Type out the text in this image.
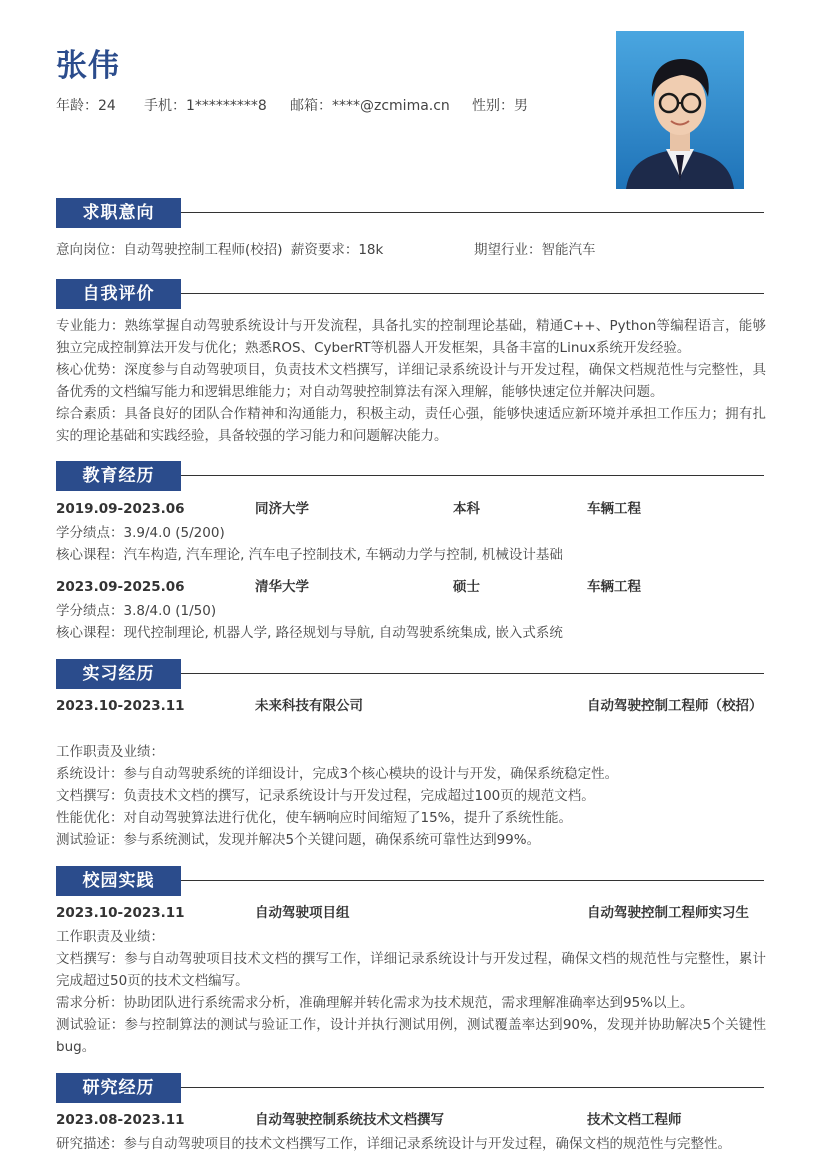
张伟
年龄：24	手机：1*********8	邮箱：****@zcmima.cn	性别：男
求职意向
意向岗位：自动驾驶控制工程师(校招) 薪资要求：18k	期望行业：智能汽车
自我评价
专业能力：熟练掌握自动驾驶系统设计与开发流程，具备扎实的控制理论基础，精通C++、Python等编程语言，能够独立完成控制算法开发与优化；熟悉ROS、CyberRT等机器人开发框架，具备丰富的Linux系统开发经验。
核心优势：深度参与自动驾驶项目，负责技术文档撰写，详细记录系统设计与开发过程，确保文档规范性与完整性，具备优秀的文档编写能力和逻辑思维能力；对自动驾驶控制算法有深入理解，能够快速定位并解决问题。
综合素质：具备良好的团队合作精神和沟通能力，积极主动，责任心强，能够快速适应新环境并承担工作压力；拥有扎实的理论基础和实践经验，具备较强的学习能力和问题解决能力。
教育经历
2019.09-2023.06	同济大学	本科	车辆工程
学分绩点：3.9/4.0 (5/200)
核心课程：汽车构造, 汽车理论, 汽车电子控制技术, 车辆动力学与控制, 机械设计基础
2023.09-2025.06	清华大学	硕士	车辆工程
学分绩点：3.8/4.0 (1/50)
核心课程：现代控制理论, 机器人学, 路径规划与导航, 自动驾驶系统集成, 嵌入式系统
实习经历
2023.10-2023.11	未来科技有限公司	自动驾驶控制工程师（校招）
工作职责及业绩：
系统设计：参与自动驾驶系统的详细设计，完成3个核心模块的设计与开发，确保系统稳定性。
文档撰写：负责技术文档的撰写，记录系统设计与开发过程，完成超过100页的规范文档。
性能优化：对自动驾驶算法进行优化，使车辆响应时间缩短了15%，提升了系统性能。
测试验证：参与系统测试，发现并解决5个关键问题，确保系统可靠性达到99%。
校园实践
2023.10-2023.11	自动驾驶项目组	自动驾驶控制工程师实习生
工作职责及业绩：
文档撰写：参与自动驾驶项目技术文档的撰写工作，详细记录系统设计与开发过程，确保文档的规范性与完整性，累计完成超过50页的技术文档编写。
需求分析：协助团队进行系统需求分析，准确理解并转化需求为技术规范，需求理解准确率达到95%以上。
测试验证：参与控制算法的测试与验证工作，设计并执行测试用例，测试覆盖率达到90%，发现并协助解决5个关键性bug。
研究经历
2023.08-2023.11	自动驾驶控制系统技术文档撰写	技术文档工程师
研究描述：参与自动驾驶项目的技术文档撰写工作，详细记录系统设计与开发过程，确保文档的规范性与完整性。
